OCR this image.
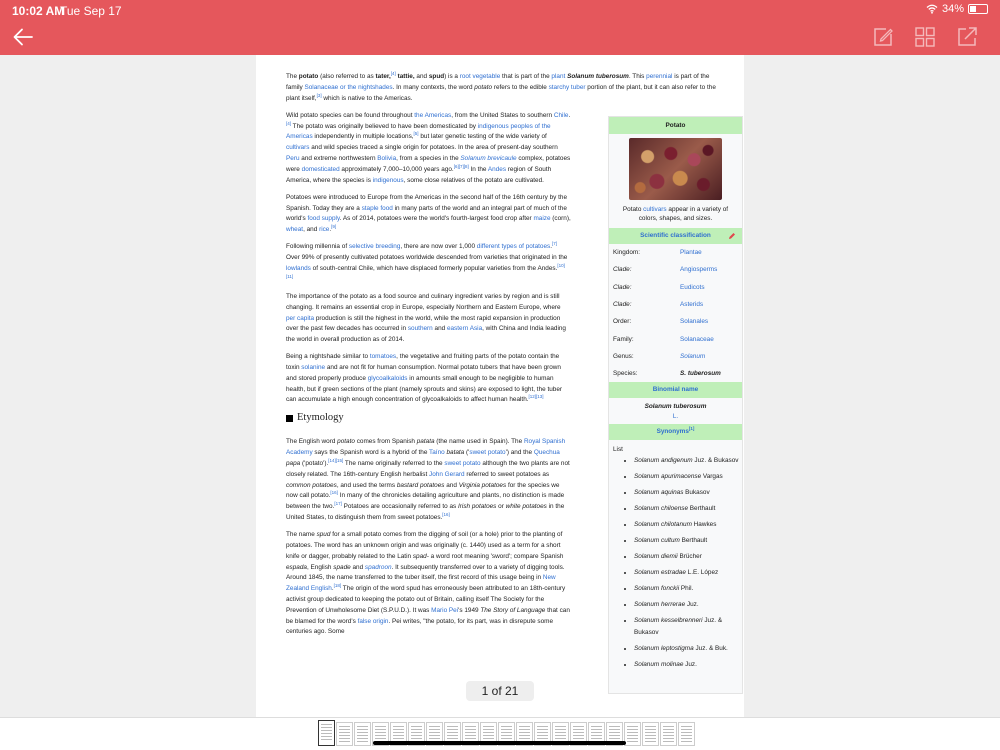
10:02 AM
Tue Sep 17	34%

The potato (also referred to as tater,[4] tattie, and spud) is a root vegetable that is part of the plant Solanum tuberosum. This perennial is part of the family Solanaceae or the nightshades. In many contexts, the word potato refers to the edible starchy tuber portion of the plant, but it can also refer to the plant itself,[3] which is native to the Americas.

Wild potato species can be found throughout the Americas, from the United States to southern Chile.[4] The potato was originally believed to have been domesticated by indigenous peoples of the Americas independently in multiple locations,[5] but later genetic testing of the wide variety of cultivars and wild species traced a single origin for potatoes. In the area of present-day southern Peru and extreme northwestern Bolivia, from a species in the Solanum brevicaule complex, potatoes were domesticated approximately 7,000–10,000 years ago.[6][7][8] In the Andes region of South America, where the species is indigenous, some close relatives of the potato are cultivated.

Potatoes were introduced to Europe from the Americas in the second half of the 16th century by the Spanish. Today they are a staple food in many parts of the world and an integral part of much of the world's food supply. As of 2014, potatoes were the world's fourth-largest food crop after maize (corn), wheat, and rice.[9]

Following millennia of selective breeding, there are now over 1,000 different types of potatoes.[7] Over 99% of presently cultivated potatoes worldwide descended from varieties that originated in the lowlands of south-central Chile, which have displaced formerly popular varieties from the Andes.[10][11]

The importance of the potato as a food source and culinary ingredient varies by region and is still changing. It remains an essential crop in Europe, especially Northern and Eastern Europe, where per capita production is still the highest in the world, while the most rapid expansion in production over the past few decades has occurred in southern and eastern Asia, with China and India leading the world in overall production as of 2014.

Being a nightshade similar to tomatoes, the vegetative and fruiting parts of the potato contain the toxin solanine and are not fit for human consumption. Normal potato tubers that have been grown and stored properly produce glycoalkaloids in amounts small enough to be negligible to human health, but if green sections of the plant (namely sprouts and skins) are exposed to light, the tuber can accumulate a high enough concentration of glycoalkaloids to affect human health.[12][13]

Etymology

The English word potato comes from Spanish patata (the name used in Spain). The Royal Spanish Academy says the Spanish word is a hybrid of the Taíno batata ('sweet potato') and the Quechua papa ('potato').[14][15] The name originally referred to the sweet potato although the two plants are not closely related. The 16th-century English herbalist John Gerard referred to sweet potatoes as common potatoes, and used the terms bastard potatoes and Virginia potatoes for the species we now call potato.[16] In many of the chronicles detailing agriculture and plants, no distinction is made between the two.[17] Potatoes are occasionally referred to as Irish potatoes or white potatoes in the United States, to distinguish them from sweet potatoes.[16]

The name spud for a small potato comes from the digging of soil (or a hole) prior to the planting of potatoes. The word has an unknown origin and was originally (c. 1440) used as a term for a short knife or dagger, probably related to the Latin spad- a word root meaning 'sword'; compare Spanish espada, English spade and spadroon. It subsequently transferred over to a variety of digging tools. Around 1845, the name transferred to the tuber itself, the first record of this usage being in New Zealand English.[18] The origin of the word spud has erroneously been attributed to an 18th-century activist group dedicated to keeping the potato out of Britain, calling itself The Society for the Prevention of Unwholesome Diet (S.P.U.D.). It was Mario Pei's 1949 The Story of Language that can be blamed for the word's false origin. Pei writes, "the potato, for its part, was in disrepute some centuries ago. Some

Potato
Potato cultivars appear in a variety of colors, shapes, and sizes.
Scientific classification
Kingdom:	Plantae
Clade:	Angiosperms
Clade:	Eudicots
Clade:	Asterids
Order:	Solanales
Family:	Solanaceae
Genus:	Solanum
Species:	S. tuberosum
Binomial name
Solanum tuberosum
L.
Synonyms[1]
List
• Solanum andigenum Juz. & Bukasov
• Solanum apurimacense Vargas
• Solanum aquinas Bukasov
• Solanum chiloense Berthault
• Solanum chilotanum Hawkes
• Solanum cultum Berthault
• Solanum diemii Brücher
• Solanum estradae L.E. López
• Solanum fonckii Phil.
• Solanum herrerae Juz.
• Solanum kesselbrenneri Juz. & Bukasov
• Solanum leptostigma Juz. & Buk.
• Solanum molinae Juz.
1 of 21
